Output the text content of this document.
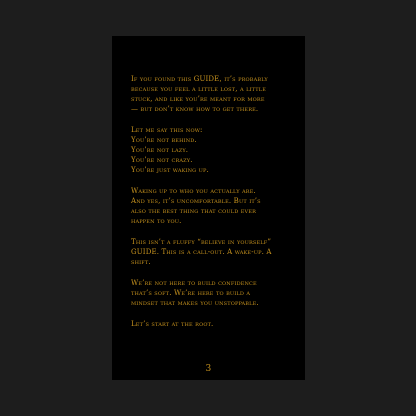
If you found this GUIDE, it’s probably
because you feel a little lost, a little
stuck, and like you’re meant for more
— but don’t know how to get there.
Let me say this now:
You’re not behind.
You’re not lazy.
You’re not crazy.
You’re just waking up.
Waking up to who you actually are.
And yes, it’s uncomfortable. But it’s
also the best thing that could ever
happen to you.
This isn’t a fluffy “believe in yourself”
GUIDE. This is a call-out. A wake-up. A
shift.
We’re not here to build confidence
that’s soft. We’re here to build a
mindset that makes you unstoppable.
Let’s start at the root.
3
